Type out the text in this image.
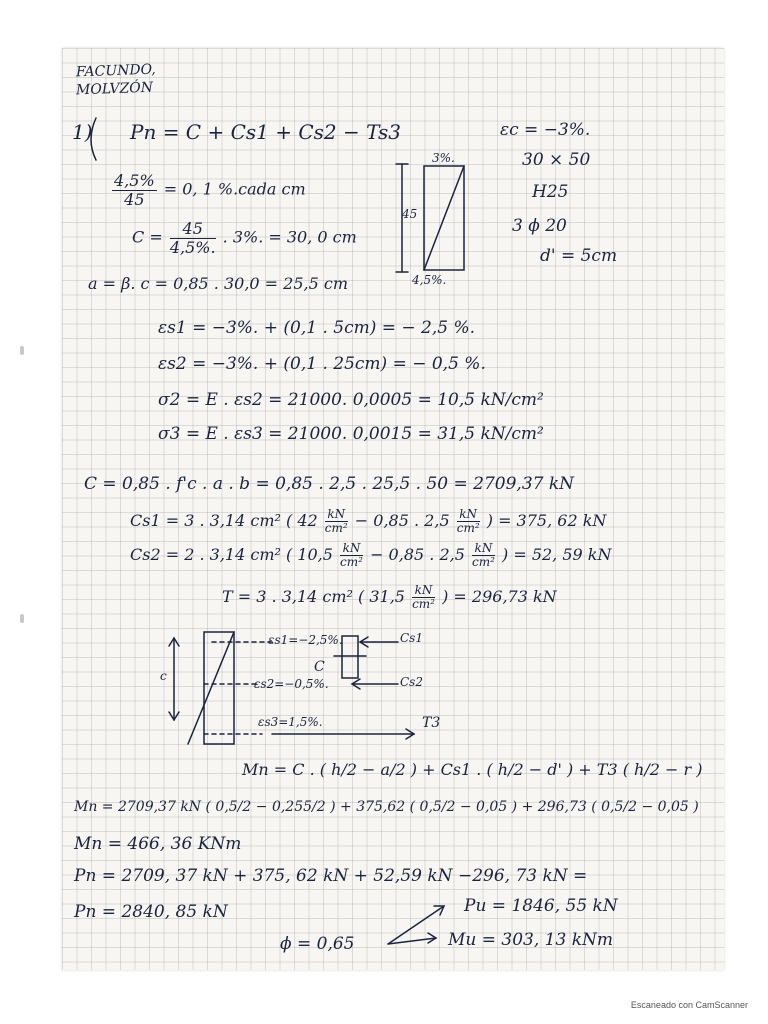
FACUNDO,
MOLVZÓN
1) Pn = C + Cs1 + Cs2 − Ts3	εc = −3%.
30 × 50
H25
3 ϕ 20
d' = 5cm
$\frac{4,5\%}{45} = 0$, 1 %.cada cm
$C = \frac{45}{4,5\%.}$ . 3%. = 30, 0 cm
3%.
45
4,5%.
a = β. c = 0,85 . 30,0 = 25,5 cm
εs1 = −3%. + (0,1 . 5cm) = − 2,5 %.
εs2 = −3%. + (0,1 . 25cm) = − 0,5 %.
σ2 = E . εs2 = 21000. 0,0005 = 10,5 kN/cm²
σ3 = E . εs3 = 21000. 0,0015 = 31,5 kN/cm²
C = 0,85 . f'c . a . b = 0,85 . 2,5 . 25,5 . 50 = 2709,37 kN
Cs1 = 3 . 3,14 cm² ( $42 \frac{kN}{\text{cm²}} - 0,85$ . $2,5 \frac{kN}{\text{cm²}}$ ) = 375, 62 kN
Cs2 = 2 . 3,14 cm² ( $10,5 \frac{kN}{\text{cm²}} - 0,85$ . $2,5 \frac{kN}{\text{cm²}}$ ) = 52, 59 kN
T = 3 . 3,14 cm² ( $31,5 \frac{kN}{\text{cm²}}$ ) = 296,73 kN
εs1=−2,5%.
εs2=−0,5%.
εs3=1,5%.
Cs1
Cs2
C
c
T3
Mn = C . ( h/2 − a/2 ) + Cs1 . ( h/2 − d' ) + T3 ( h/2 − r )
Mn = 2709,37 kN ( 0,5/2 − 0,255/2 ) + 375,62 ( 0,5/2 − 0,05 ) + 296,73 ( 0,5/2 − 0,05 )
Mn = 466, 36 KNm
Pn = 2709, 37 kN + 375, 62 kN + 52,59 kN −296, 73 kN =
Pn = 2840, 85 kN
ϕ = 0,65
Pu = 1846, 55 kN
Mu = 303, 13 kNm
Escaneado con CamScanner
